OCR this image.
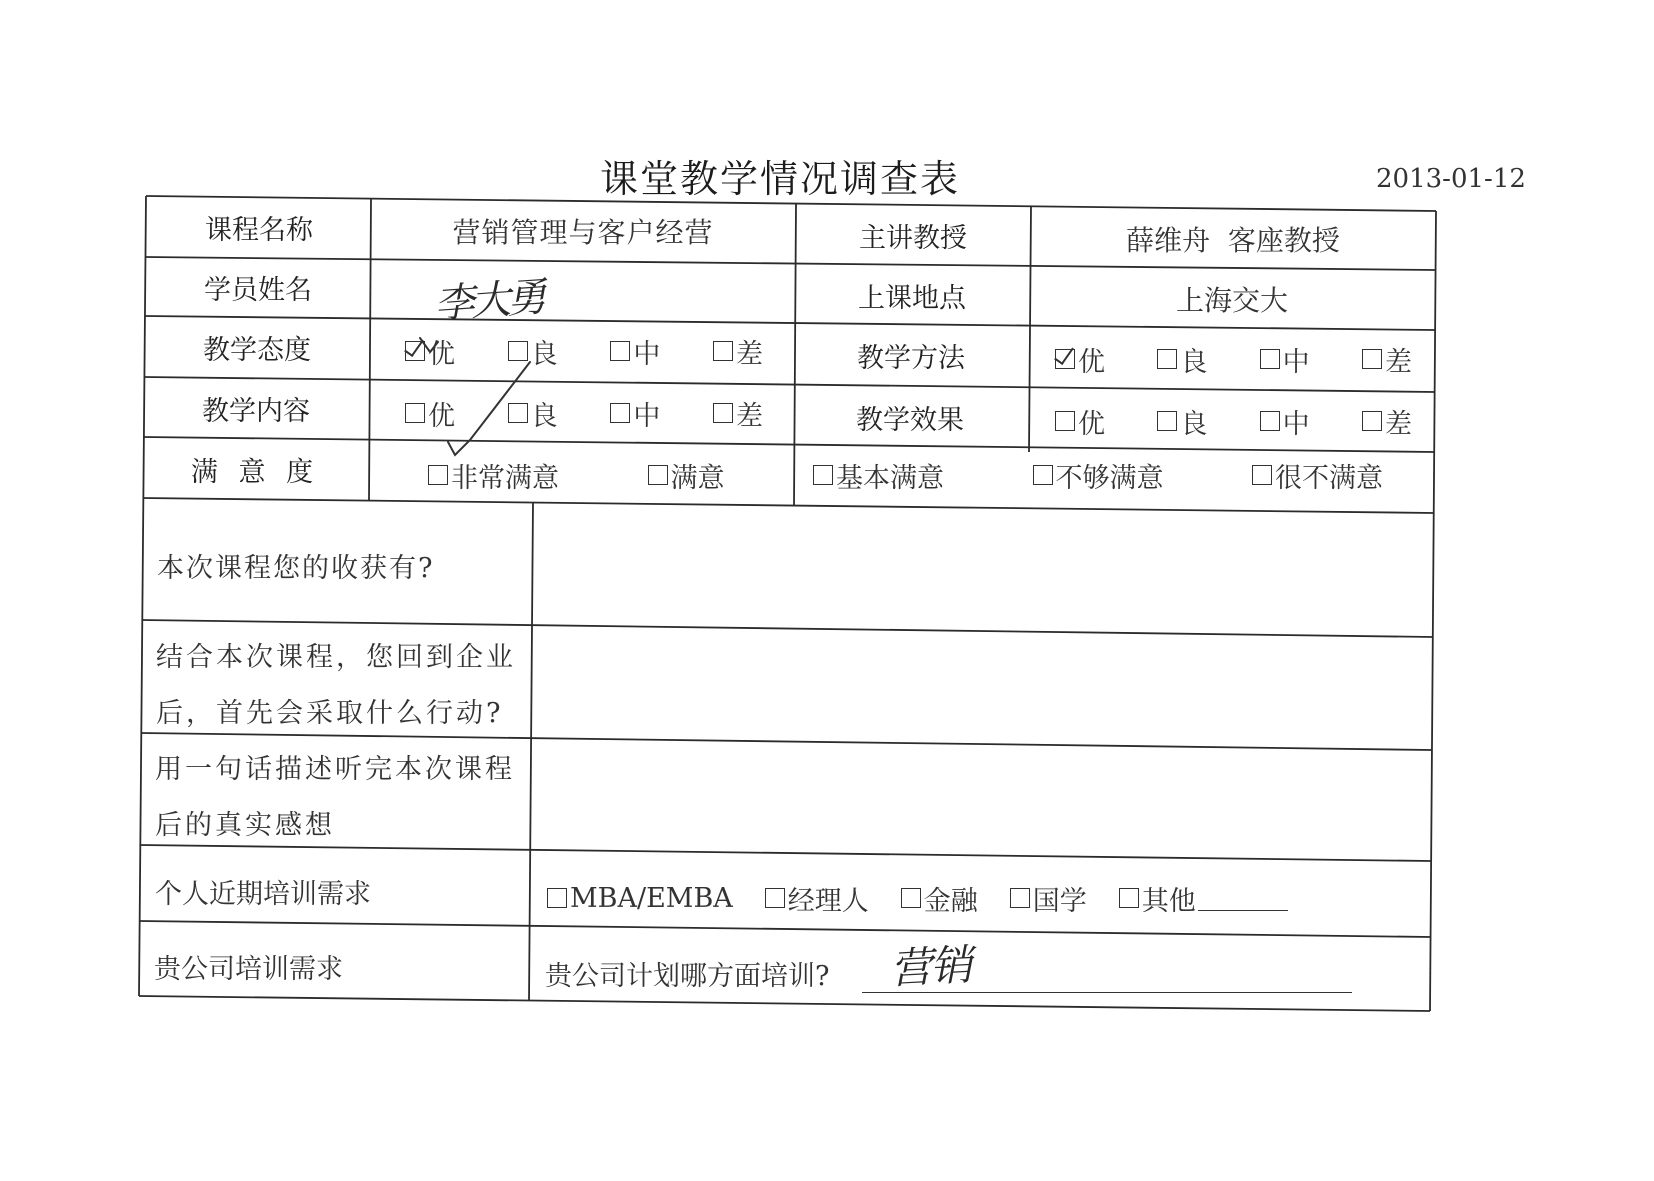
课堂教学情况调查表	2013-01-12
课程名称	营销管理与客户经营	主讲教授	薛维舟  客座教授
学员姓名	李大勇	上课地点	上海交大
教学态度	优	良	中	差	教学方法	优	良	中	差
教学内容	优	良	中	差	教学效果	优	良	中	差
满 意 度	非常满意	满意	基本满意	不够满意	很不满意
本次课程您的收获有?
结合本次课程，您回到企业后，首先会采取什么行动?
用一句话描述听完本次课程后的真实感想
个人近期培训需求	MBA/EMBA 经理人 金融 国学 其他
贵公司培训需求	贵公司计划哪方面培训?	营销
